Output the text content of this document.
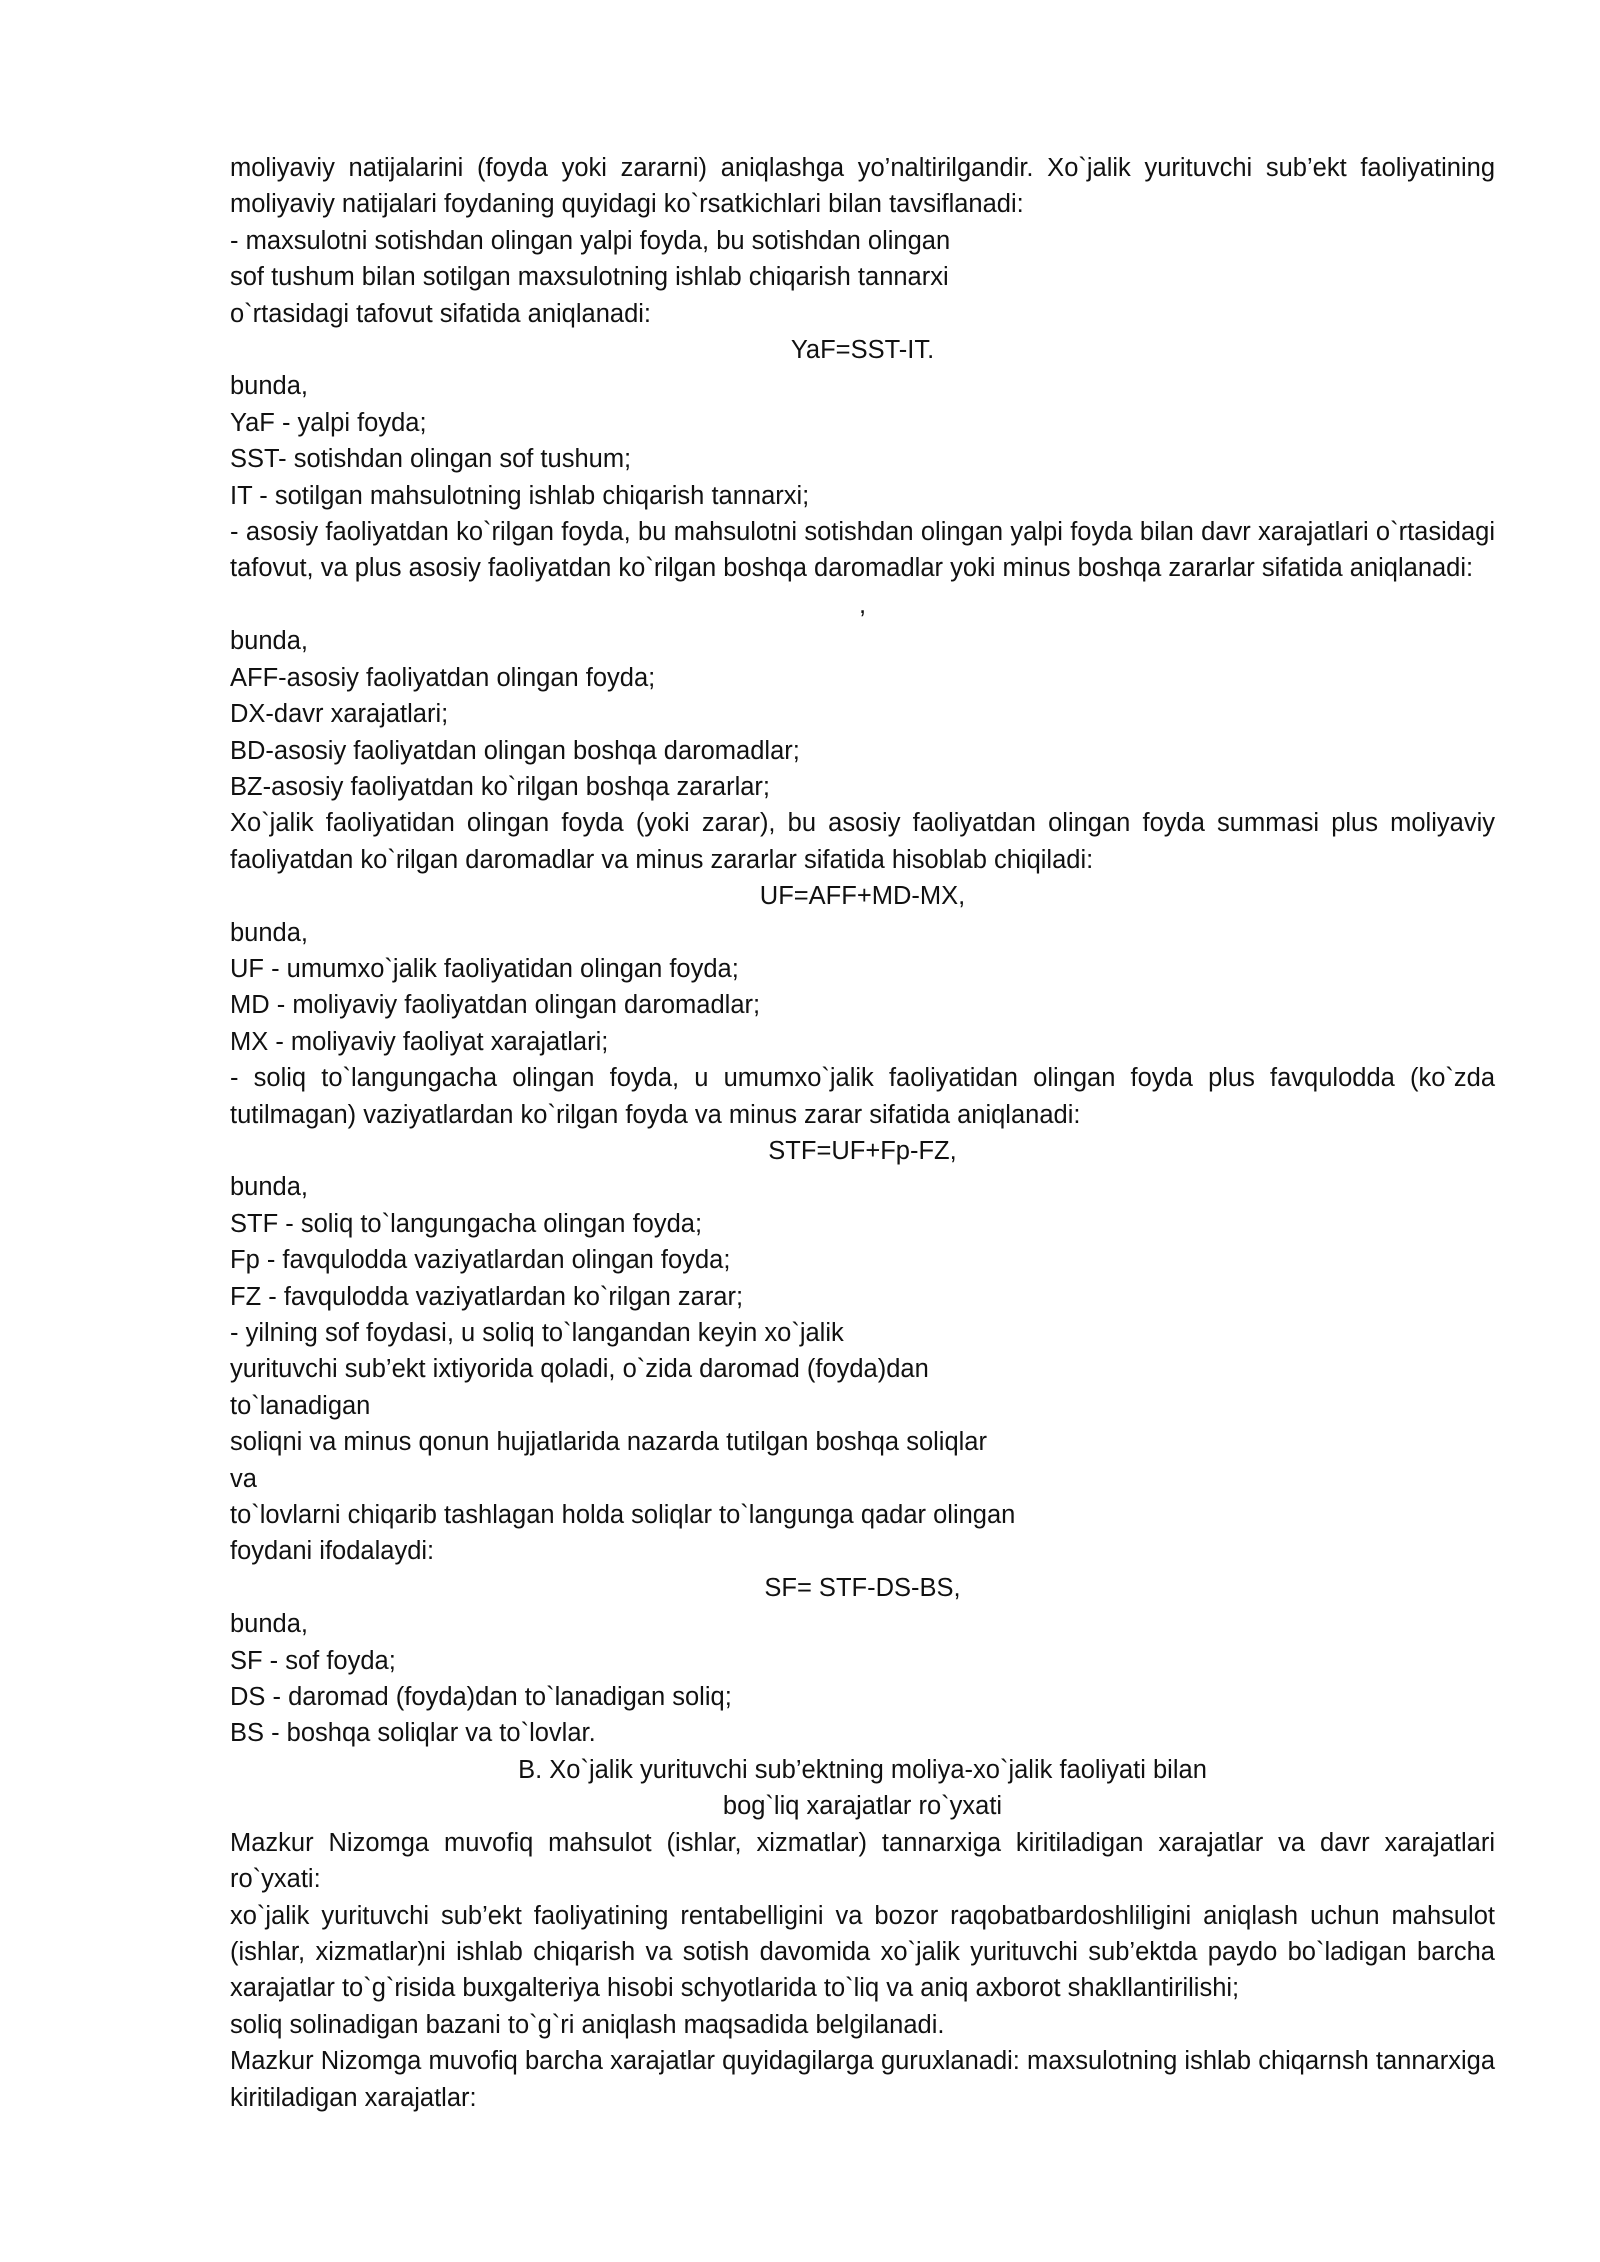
moliyaviy natijalarini (foyda yoki zararni) aniqlashga yo’naltirilgandir. Xo`jalik yurituvchi sub’ekt faoliyatining moliyaviy natijalari foydaning quyidagi ko`rsatkichlari bilan tavsiflanadi:

- maxsulotni sotishdan olingan yalpi foyda, bu sotishdan olingan

sof tushum bilan sotilgan maxsulotning ishlab chiqarish tannarxi

o`rtasidagi tafovut sifatida aniqlanadi:

YaF=SST-IT.

bunda,

YaF - yalpi foyda;

SST- sotishdan olingan sof tushum;

IT - sotilgan mahsulotning ishlab chiqarish tannarxi;

- asosiy faoliyatdan ko`rilgan foyda, bu mahsulotni sotishdan olingan yalpi foyda bilan davr xarajatlari o`rtasidagi tafovut, va plus asosiy faoliyatdan ko`rilgan boshqa daromadlar yoki minus boshqa zararlar sifatida aniqlanadi:

,

bunda,

AFF-asosiy faoliyatdan olingan foyda;

DX-davr xarajatlari;

BD-asosiy faoliyatdan olingan boshqa daromadlar;

BZ-asosiy faoliyatdan ko`rilgan boshqa zararlar;

Xo`jalik faoliyatidan olingan foyda (yoki zarar), bu asosiy faoliyatdan olingan foyda summasi plus moliyaviy faoliyatdan ko`rilgan daromadlar va minus zararlar sifatida hisoblab chiqiladi:

UF=AFF+MD-MX,

bunda,

UF - umumxo`jalik faoliyatidan olingan foyda;

MD - moliyaviy faoliyatdan olingan daromadlar;

MX - moliyaviy faoliyat xarajatlari;

- soliq to`langungacha olingan foyda, u umumxo`jalik faoliyatidan olingan foyda plus favqulodda (ko`zda tutilmagan) vaziyatlardan ko`rilgan foyda va minus zarar sifatida aniqlanadi:

STF=UF+Fp-FZ,

bunda,

STF - soliq to`langungacha olingan foyda;

Fp - favqulodda vaziyatlardan olingan foyda;

FZ - favqulodda vaziyatlardan ko`rilgan zarar;

- yilning sof foydasi, u soliq to`langandan keyin xo`jalik

yurituvchi sub’ekt ixtiyorida qoladi, o`zida daromad (foyda)dan to`lanadigan

soliqni va minus qonun hujjatlarida nazarda tutilgan boshqa soliqlar va

to`lovlarni chiqarib tashlagan holda soliqlar to`langunga qadar olingan

foydani ifodalaydi:

SF= STF-DS-BS,

bunda,

SF - sof foyda;

DS - daromad (foyda)dan to`lanadigan soliq;

BS - boshqa soliqlar va to`lovlar.

B. Xo`jalik yurituvchi sub’ektning moliya-xo`jalik faoliyati bilan

bog`liq xarajatlar ro`yxati

Mazkur Nizomga muvofiq mahsulot (ishlar, xizmatlar) tannarxiga kiritiladigan xarajatlar va davr xarajatlari ro`yxati:

xo`jalik yurituvchi sub’ekt faoliyatining rentabelligini va bozor raqobatbardoshliligini aniqlash uchun mahsulot (ishlar, xizmatlar)ni ishlab chiqarish va sotish davomida xo`jalik yurituvchi sub’ektda paydo bo`ladigan barcha xarajatlar to`g`risida buxgalteriya hisobi schyotlarida to`liq va aniq axborot shakllantirilishi;

soliq solinadigan bazani to`g`ri aniqlash maqsadida belgilanadi.

Mazkur Nizomga muvofiq barcha xarajatlar quyidagilarga guruxlanadi: maxsulotning ishlab chiqarnsh tannarxiga kiritiladigan xarajatlar:
